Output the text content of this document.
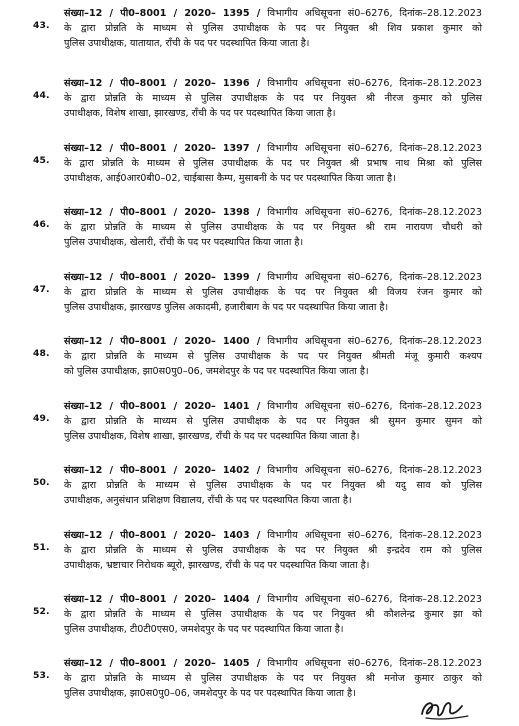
43.
संख्या–12 / पी0–8001 / 2020– 1395 / विभागीय अधिसूचना सं0–6276, दिनांक–28.12.2023
के द्वारा प्रोन्नति के माध्यम से पुलिस उपाधीक्षक के पद पर नियुक्त श्री शिव प्रकाश कुमार को
पुलिस उपाधीक्षक, यातायात, राँची के पद पर पदस्थापित किया जाता है।
44.
संख्या–12 / पी0–8001 / 2020– 1396 / विभागीय अधिसूचना सं0–6276, दिनांक–28.12.2023
के द्वारा प्रोन्नति के माध्यम से पुलिस उपाधीक्षक के पद पर नियुक्त श्री नीरज कुमार को पुलिस
उपाधीक्षक, विशेष शाखा, झारखण्ड, राँची के पद पर पदस्थापित किया जाता है।
45.
संख्या–12 / पी0–8001 / 2020– 1397 / विभागीय अधिसूचना सं0–6276, दिनांक–28.12.2023
के द्वारा प्रोन्नति के माध्यम से पुलिस उपाधीक्षक के पद पर नियुक्त श्री प्रभाष नाथ मिश्रा को पुलिस
उपाधीक्षक, आई0आर0बी0–02, चाईबासा कैम्प, मुसाबनी के पद पर पदस्थापित किया जाता है।
46.
संख्या–12 / पी0–8001 / 2020– 1398 / विभागीय अधिसूचना सं0–6276, दिनांक–28.12.2023
के द्वारा प्रोन्नति के माध्यम से पुलिस उपाधीक्षक के पद पर नियुक्त श्री राम नारायण चौधरी को
पुलिस उपाधीक्षक, खेलारी, राँची के पद पर पदस्थापित किया जाता है।
47.
संख्या–12 / पी0–8001 / 2020– 1399 / विभागीय अधिसूचना सं0–6276, दिनांक–28.12.2023
के द्वारा प्रोन्नति के माध्यम से पुलिस उपाधीक्षक के पद पर नियुक्त श्री विजय रंजन कुमार को
पुलिस उपाधीक्षक, झारखण्ड पुलिस अकादमी, हजारीबाग के पद पर पदस्थापित किया जाता है।
48.
संख्या–12 / पी0–8001 / 2020– 1400 / विभागीय अधिसूचना सं0–6276, दिनांक–28.12.2023
के द्वारा प्रोन्नति के माध्यम से पुलिस उपाधीक्षक के पद पर नियुक्त श्रीमती मंजू कुमारी कश्यप
को पुलिस उपाधीक्षक, झा0स0पु0–06, जमशेदपुर के पद पर पदस्थापित किया जाता है।
49.
संख्या–12 / पी0–8001 / 2020– 1401 / विभागीय अधिसूचना सं0–6276, दिनांक–28.12.2023
के द्वारा प्रोन्नति के माध्यम से पुलिस उपाधीक्षक के पद पर नियुक्त श्री सुमन कुमार सुमन को
पुलिस उपाधीक्षक, विशेष शाखा, झारखण्ड, राँची के पद पर पदस्थापित किया जाता है।
50.
संख्या–12 / पी0–8001 / 2020– 1402 / विभागीय अधिसूचना सं0–6276, दिनांक–28.12.2023
के द्वारा प्रोन्नति के माध्यम से पुलिस उपाधीक्षक के पद पर नियुक्त श्री यदु साव को पुलिस
उपाधीक्षक, अनुसंधान प्रशिक्षण विद्यालय, राँची के पद पर पदस्थापित किया जाता है।
51.
संख्या–12 / पी0–8001 / 2020– 1403 / विभागीय अधिसूचना सं0–6276, दिनांक–28.12.2023
के द्वारा प्रोन्नति के माध्यम से पुलिस उपाधीक्षक के पद पर नियुक्त श्री इन्द्रदेव राम को पुलिस
उपाधीक्षक, भ्रष्टाचार निरोधक ब्यूरो, झारखण्ड, राँची के पद पर पदस्थापित किया जाता है।
52.
संख्या–12 / पी0–8001 / 2020– 1404 / विभागीय अधिसूचना सं0–6276, दिनांक–28.12.2023
के द्वारा प्रोन्नति के माध्यम से पुलिस उपाधीक्षक के पद पर नियुक्त श्री कौशलेन्द्र कुमार झा को
पुलिस उपाधीक्षक, टी0टी0एस0, जमशेदपुर के पद पर पदस्थापित किया जाता है।
53.
संख्या–12 / पी0–8001 / 2020– 1405 / विभागीय अधिसूचना सं0–6276, दिनांक–28.12.2023
के द्वारा प्रोन्नति के माध्यम से पुलिस उपाधीक्षक के पद पर नियुक्त श्री मनोज कुमार ठाकुर को
पुलिस उपाधीक्षक, झा0स0पु0–06, जमशेदपुर के पद पर पदस्थापित किया जाता है।
